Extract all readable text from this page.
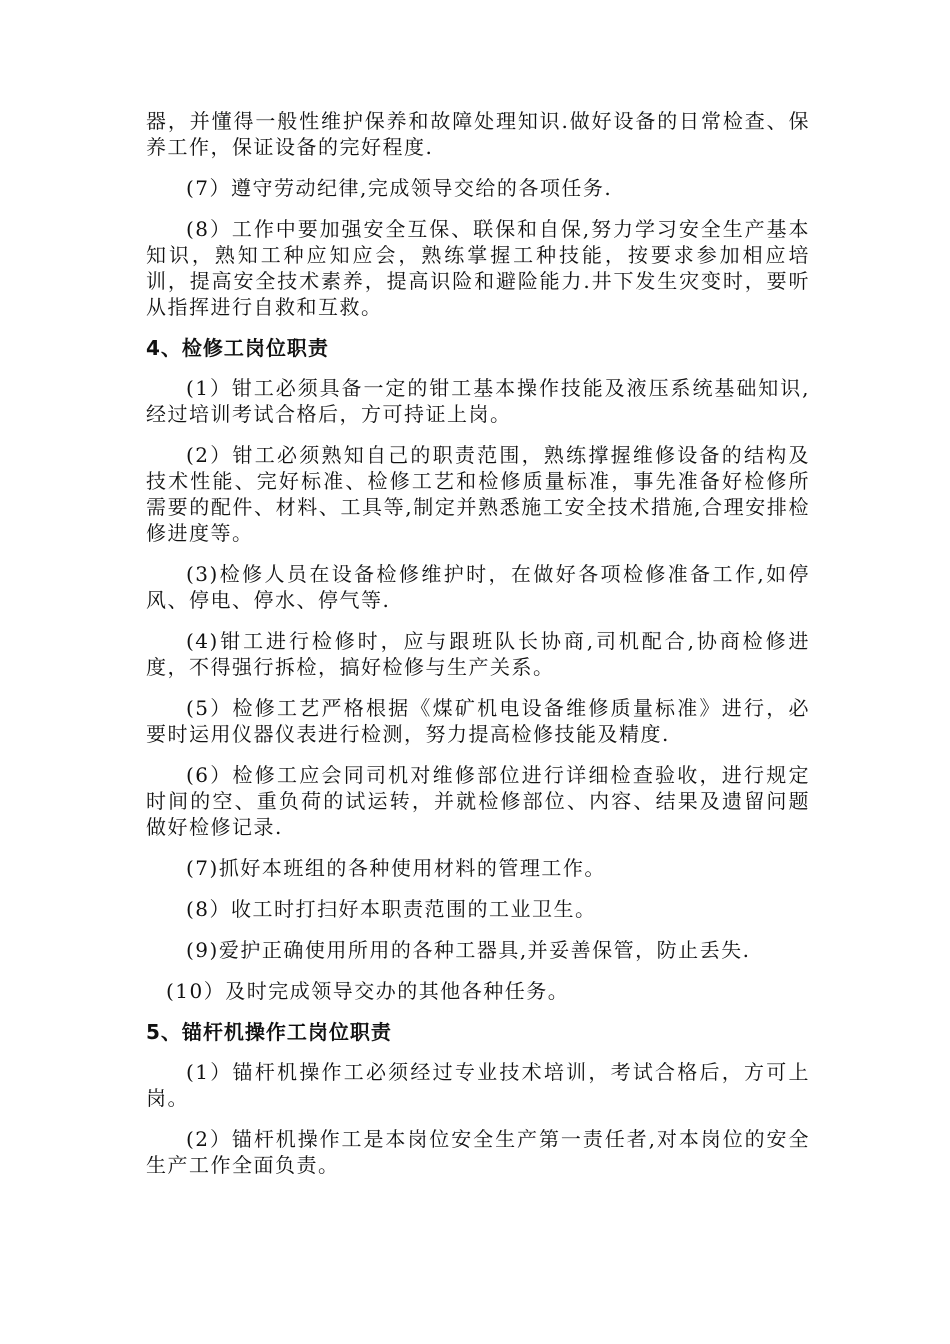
器，并懂得一般性维护保养和故障处理知识.做好设备的日常检查、保养工作，保证设备的完好程度.

(7）遵守劳动纪律,完成领导交给的各项任务.

(8）工作中要加强安全互保、联保和自保,努力学习安全生产基本知识，熟知工种应知应会，熟练掌握工种技能，按要求参加相应培训，提高安全技术素养，提高识险和避险能力.井下发生灾变时，要听从指挥进行自救和互救。

4、检修工岗位职责

(1）钳工必须具备一定的钳工基本操作技能及液压系统基础知识,经过培训考试合格后，方可持证上岗。

(2）钳工必须熟知自己的职责范围，熟练撑握维修设备的结构及技术性能、完好标准、检修工艺和检修质量标准，事先准备好检修所需要的配件、材料、工具等,制定并熟悉施工安全技术措施,合理安排检修进度等。

(3)检修人员在设备检修维护时，在做好各项检修准备工作,如停风、停电、停水、停气等.

(4)钳工进行检修时，应与跟班队长协商,司机配合,协商检修进度，不得强行拆检，搞好检修与生产关系。

(5）检修工艺严格根据《煤矿机电设备维修质量标准》进行，必要时运用仪器仪表进行检测，努力提高检修技能及精度.

(6）检修工应会同司机对维修部位进行详细检查验收，进行规定时间的空、重负荷的试运转，并就检修部位、内容、结果及遗留问题做好检修记录.

(7)抓好本班组的各种使用材料的管理工作。

(8）收工时打扫好本职责范围的工业卫生。

(9)爱护正确使用所用的各种工器具,并妥善保管，防止丢失.

(10）及时完成领导交办的其他各种任务。

5、锚杆机操作工岗位职责

(1）锚杆机操作工必须经过专业技术培训，考试合格后，方可上岗。

(2）锚杆机操作工是本岗位安全生产第一责任者,对本岗位的安全生产工作全面负责。
